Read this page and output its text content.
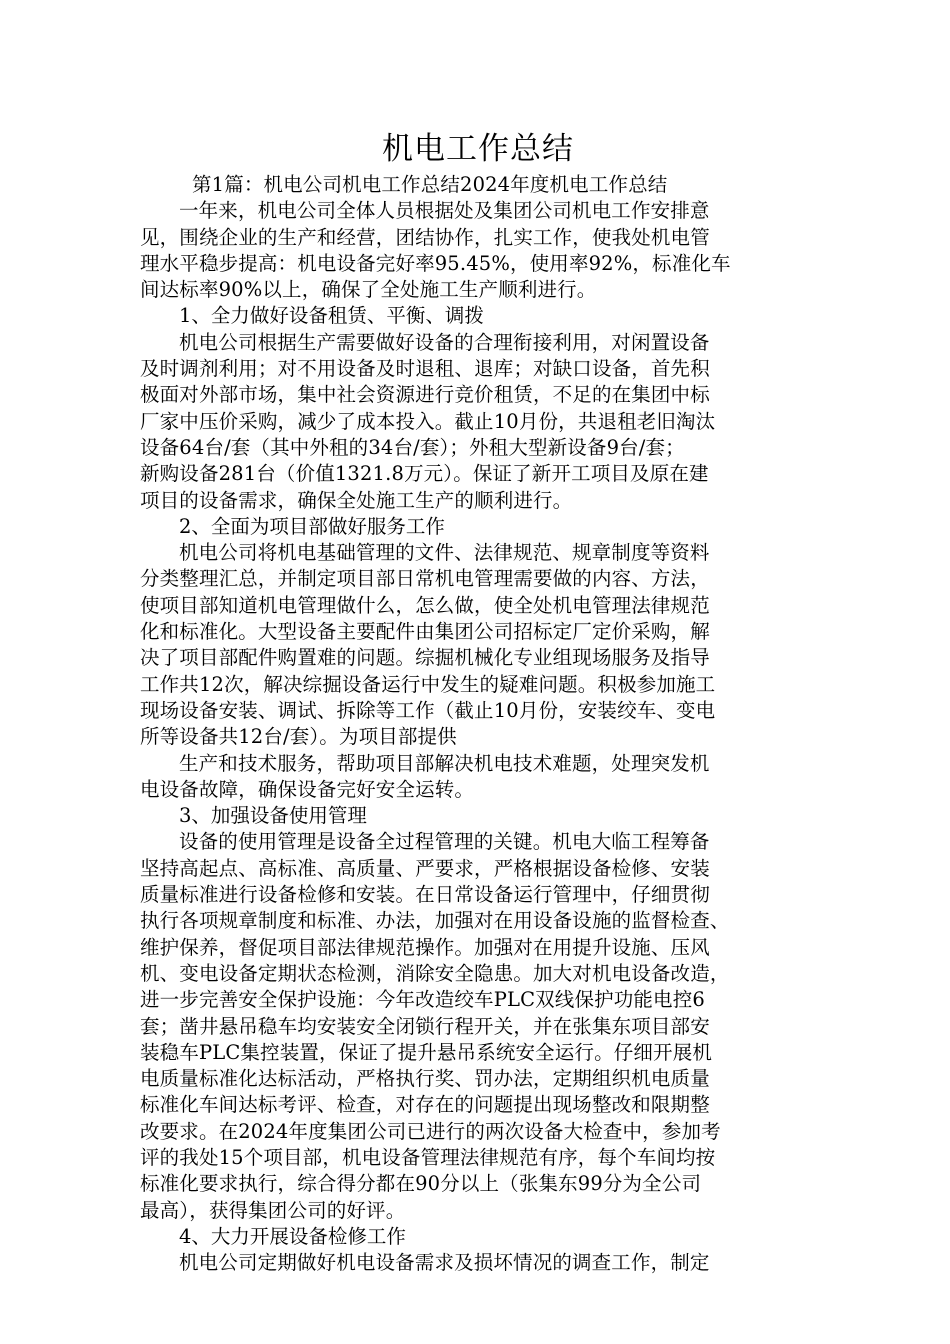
机电工作总结

第1篇：机电公司机电工作总结2024年度机电工作总结

一年来，机电公司全体人员根据处及集团公司机电工作安排意

见，围绕企业的生产和经营，团结协作，扎实工作，使我处机电管

理水平稳步提高：机电设备完好率95.45%，使用率92%，标准化车

间达标率90%以上，确保了全处施工生产顺利进行。

1、全力做好设备租赁、平衡、调拨

机电公司根据生产需要做好设备的合理衔接利用，对闲置设备

及时调剂利用；对不用设备及时退租、退库；对缺口设备，首先积

极面对外部市场，集中社会资源进行竞价租赁，不足的在集团中标

厂家中压价采购，减少了成本投入。截止10月份，共退租老旧淘汰

设备64台/套（其中外租的34台/套）；外租大型新设备9台/套；

新购设备281台（价值1321.8万元）。保证了新开工项目及原在建

项目的设备需求，确保全处施工生产的顺利进行。

2、全面为项目部做好服务工作

机电公司将机电基础管理的文件、法律规范、规章制度等资料

分类整理汇总，并制定项目部日常机电管理需要做的内容、方法，

使项目部知道机电管理做什么，怎么做，使全处机电管理法律规范

化和标准化。大型设备主要配件由集团公司招标定厂定价采购，解

决了项目部配件购置难的问题。综掘机械化专业组现场服务及指导

工作共12次，解决综掘设备运行中发生的疑难问题。积极参加施工

现场设备安装、调试、拆除等工作（截止10月份，安装绞车、变电

所等设备共12台/套）。为项目部提供

生产和技术服务，帮助项目部解决机电技术难题，处理突发机

电设备故障，确保设备完好安全运转。

3、加强设备使用管理

设备的使用管理是设备全过程管理的关键。机电大临工程筹备

坚持高起点、高标准、高质量、严要求，严格根据设备检修、安装

质量标准进行设备检修和安装。在日常设备运行管理中，仔细贯彻

执行各项规章制度和标准、办法，加强对在用设备设施的监督检查、

维护保养，督促项目部法律规范操作。加强对在用提升设施、压风

机、变电设备定期状态检测，消除安全隐患。加大对机电设备改造，

进一步完善安全保护设施：今年改造绞车PLC双线保护功能电控6

套；凿井悬吊稳车均安装安全闭锁行程开关，并在张集东项目部安

装稳车PLC集控装置，保证了提升悬吊系统安全运行。仔细开展机

电质量标准化达标活动，严格执行奖、罚办法，定期组织机电质量

标准化车间达标考评、检查，对存在的问题提出现场整改和限期整

改要求。在2024年度集团公司已进行的两次设备大检查中，参加考

评的我处15个项目部，机电设备管理法律规范有序，每个车间均按

标准化要求执行，综合得分都在90分以上（张集东99分为全公司

最高），获得集团公司的好评。

4、大力开展设备检修工作

机电公司定期做好机电设备需求及损坏情况的调查工作，制定
